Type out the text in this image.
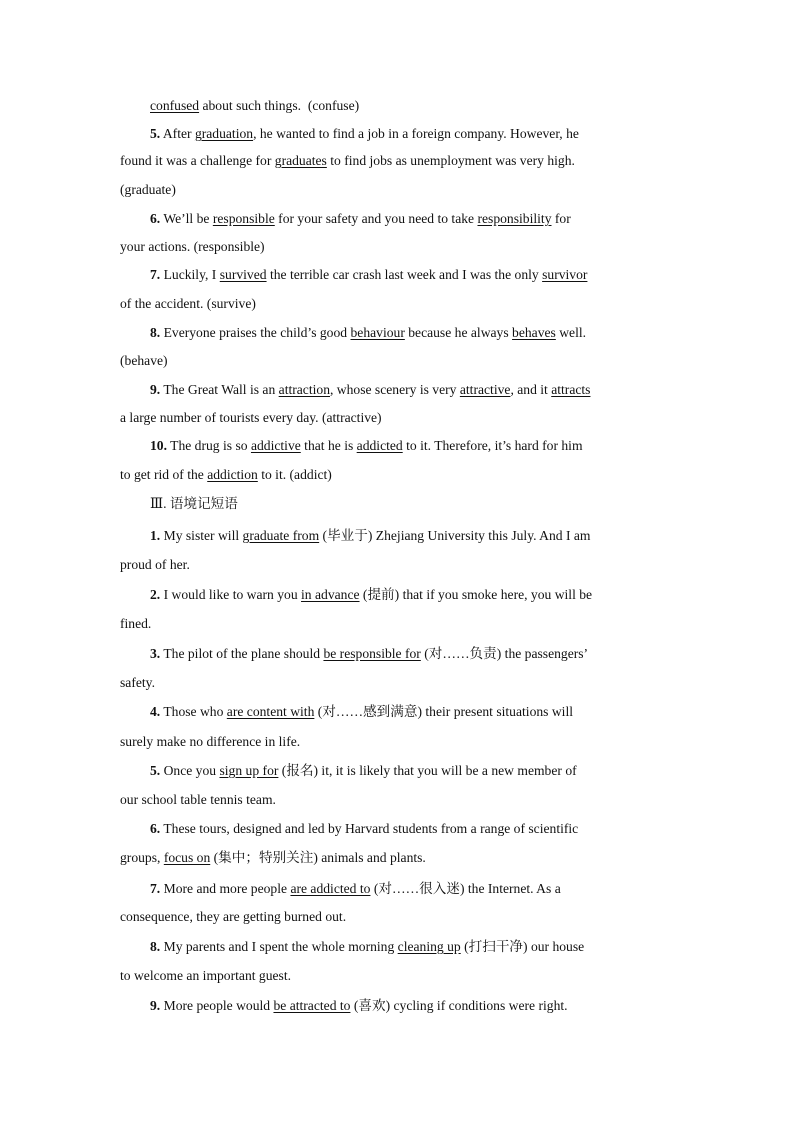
confused about such things.  (confuse)
5. After graduation, he wanted to find a job in a foreign company. However, he
found it was a challenge for graduates to find jobs as unemployment was very high.
(graduate)
6. We’ll be responsible for your safety and you need to take responsibility for
your actions. (responsible)
7. Luckily, I survived the terrible car crash last week and I was the only survivor
of the accident. (survive)
8. Everyone praises the child’s good behaviour because he always behaves well.
(behave)
9. The Great Wall is an attraction, whose scenery is very attractive, and it attracts
a large number of tourists every day. (attractive)
10. The drug is so addictive that he is addicted to it. Therefore, it’s hard for him
to get rid of the addiction to it. (addict)
Ⅲ. 语境记短语
1. My sister will graduate from (毕业于) Zhejiang University this July. And I am
proud of her.
2. I would like to warn you in advance (提前) that if you smoke here, you will be
fined.
3. The pilot of the plane should be responsible for (对……负责) the passengers’
safety.
4. Those who are content with (对……感到满意) their present situations will
surely make no difference in life.
5. Once you sign up for (报名) it, it is likely that you will be a new member of
our school table tennis team.
6. These tours, designed and led by Harvard students from a range of scientific
groups, focus on (集中；特别关注) animals and plants.
7. More and more people are addicted to (对……很入迷) the Internet. As a
consequence, they are getting burned out.
8. My parents and I spent the whole morning cleaning up (打扫干净) our house
to welcome an important guest.
9. More people would be attracted to (喜欢) cycling if conditions were right.
